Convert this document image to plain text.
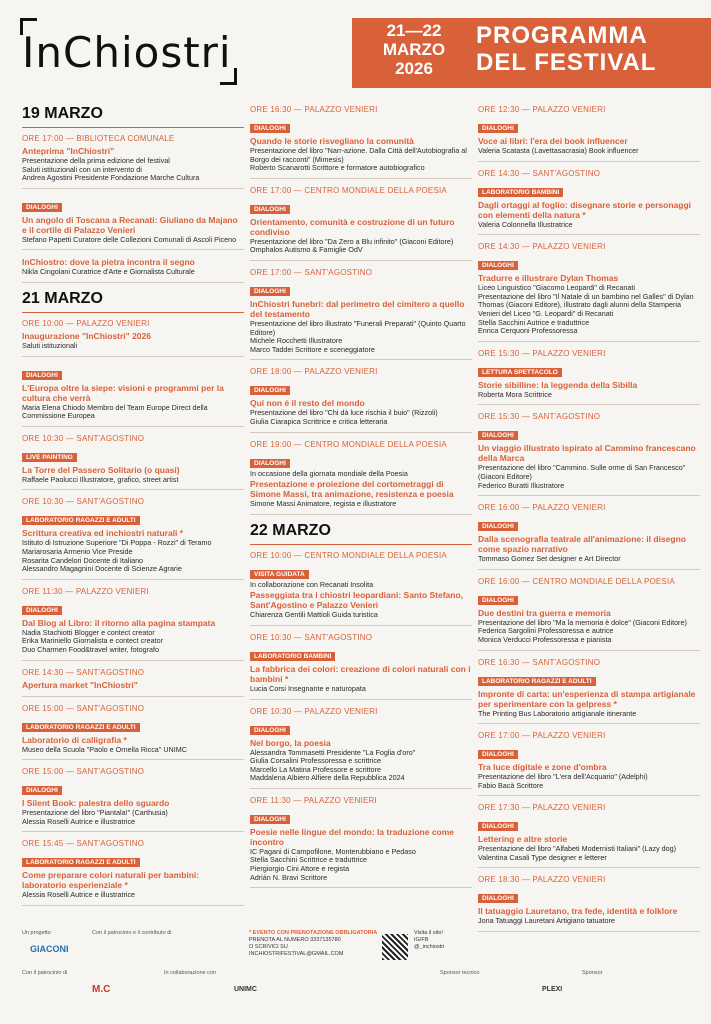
InChiostri	21—22
MARZO
2026
PROGRAMMA
DEL FESTIVAL
19 MARZO
ORE 17:00 — BIBLIOTECA COMUNALE
Anteprima "InChiostri"
Presentazione della prima edizione del festival
Saluti istituzionali con un intervento di
Andrea Agostini Presidente Fondazione Marche Cultura
DIALOGHI
Un angolo di Toscana a Recanati: Giuliano da Majano e il cortile di Palazzo Venieri
Stefano Papetti Curatore delle Collezioni Comunali di Ascoli Piceno
InChiostro: dove la pietra incontra il segno
Nikla Cingolani Curatrice d'Arte e Giornalista Culturale
21 MARZO
ORE 10:00 — PALAZZO VENIERI
Inaugurazione "InChiostri" 2026
Saluti istituzionali
DIALOGHI
L'Europa oltre la siepe: visioni e programmi per la cultura che verrà
Maria Elena Chiodo Membro del Team Europe Direct della Commissione Europea
ORE 10:30 — SANT'AGOSTINO
LIVE PAINTING
La Torre del Passero Solitario (o quasi)
Raffaele Paolucci Illustratore, grafico, street artist
ORE 10:30 — SANT'AGOSTINO
LABORATORIO RAGAZZI E ADULTI
Scrittura creativa ed inchiostri naturali *
Istituto di Istruzione Superiore "Di Poppa - Rozzi" di Teramo
Mariarosaria Armenio Vice Preside
Rosarita Candelori Docente di Italiano
Alessandro Magagnini Docente di Scienze Agrarie
ORE 11:30 — PALAZZO VENIERI
DIALOGHI
Dal Blog al Libro: il ritorno alla pagina stampata
Nadia Stachiotti Blogger e contect creator
Erika Mariniello Giornalista e contect creator
Duo Charmen Food&travel writer, fotografo
ORE 14:30 — SANT'AGOSTINO
Apertura market "InChiostri"
ORE 15:00 — SANT'AGOSTINO
LABORATORIO RAGAZZI E ADULTI
Laboratorio di calligrafia *
Museo della Scuola "Paolo e Ornella Ricca" UNIMC
ORE 15:00 — SANT'AGOSTINO
DIALOGHI
I Silent Book: palestra dello sguardo
Presentazione del libro "Piantala!" (Carthusia)
Alessia Roselli Autrice e illustratrice
ORE 15:45 — SANT'AGOSTINO
LABORATORIO RAGAZZI E ADULTI
Come preparare colori naturali per bambini: laboratorio esperienziale *
Alessia Roselli Autrice e illustratrice
ORE 16:30 — PALAZZO VENIERI
DIALOGHI
Quando le storie risvegliano la comunità
Presentazione del libro "Narr-azione. Dalla Città dell'Autobiografia al Borgo dei racconti" (Mimesis)
Roberto Scanarotti Scrittore e formatore autobiografico
ORE 17:00 — CENTRO MONDIALE DELLA POESIA
DIALOGHI
Orientamento, comunità e costruzione di un futuro condiviso
Presentazione del libro "Da Zero a Blu infinito" (Giaconi Editore)
Omphalos Autismo & Famiglie OdV
ORE 17:00 — SANT'AGOSTINO
DIALOGHI
InChiostri funebri: dal perimetro del cimitero a quello del testamento
Presentazione del libro illustrato "Funerali Preparati" (Quinto Quarto Editore)
Michele Rocchetti Illustratore
Marco Taddei Scrittore e sceneggiatore
ORE 18:00 — PALAZZO VENIERI
DIALOGHI
Qui non è il resto del mondo
Presentazione del libro "Chi dà luce rischia il buio" (Rizzoli)
Giulia Ciarapica Scrittrice e critica letteraria
ORE 19:00 — CENTRO MONDIALE DELLA POESIA
DIALOGHI
In occasione della giornata mondiale della Poesia
Presentazione e proiezione del cortometraggi di Simone Massi, tra animazione, resistenza e poesia
Simone Massi Animatore, regista e illustratore
22 MARZO
ORE 10:00 — CENTRO MONDIALE DELLA POESIA
VISITA GUIDATA
In collaborazione con Recanati Insolita
Passeggiata tra i chiostri leopardiani: Santo Stefano, Sant'Agostino e Palazzo Venieri
Chiarenza Gentili Mattioli Guida turistica
ORE 10:30 — SANT'AGOSTINO
LABORATORIO BAMBINI
La fabbrica dei colori: creazione di colori naturali con i bambini *
Lucia Corsi Insegnante e naturopata
ORE 10:30 — PALAZZO VENIERI
DIALOGHI
Nel borgo, la poesia
Alessandra Tommasetti Presidente "La Foglia d'oro"
Giulia Corsalini Professoressa e scrittrice
Marcello La Matina Professore e scrittore
Maddalena Albiero Alfiere della Repubblica 2024
ORE 11:30 — PALAZZO VENIERI
DIALOGHI
Poesie nelle lingue del mondo: la traduzione come incontro
IC Pagani di Campofilone, Monterubbiano e Pedaso
Stella Sacchini Scrittrice e traduttrice
Piergiorgio Cini Attore e regista
Adrián N. Bravi Scrittore
ORE 12:30 — PALAZZO VENIERI
DIALOGHI
Voce ai libri: l'era dei book influencer
Valeria Scatasta (Lavettasacrasia) Book influencer
ORE 14:30 — SANT'AGOSTINO
LABORATORIO BAMBINI
Dagli ortaggi al foglio: disegnare storie e personaggi con elementi della natura *
Valeria Colonnella Illustratrice
ORE 14:30 — PALAZZO VENIERI
DIALOGHI
Tradurre e illustrare Dylan Thomas
Liceo Linguistico "Giacomo Leopardi" di Recanati
Presentazione del libro "Il Natale di un bambino nel Galles" di Dylan Thomas (Giaconi Editore), illustrato dagli alunni della Stamperia Venieri del Liceo "G. Leopardi" di Recanati
Stella Sacchini Autrice e traduttrice
Enrica Cerquoni Professoressa
ORE 15:30 — PALAZZO VENIERI
LETTURA SPETTACOLO
Storie sibilline: la leggenda della Sibilla
Roberta Mora Scrittrice
ORE 15:30 — SANT'AGOSTINO
DIALOGHI
Un viaggio illustrato ispirato al Cammino francescano della Marca
Presentazione del libro "Cammino. Sulle orme di San Francesco" (Giaconi Editore)
Federico Buratti Illustratore
ORE 16:00 — PALAZZO VENIERI
DIALOGHI
Dalla scenografia teatrale all'animazione: il disegno come spazio narrativo
Tommaso Gomez Set designer e Art Director
ORE 16:00 — CENTRO MONDIALE DELLA POESIA
DIALOGHI
Due destini tra guerra e memoria
Presentazione del libro "Ma la memoria è dolce" (Giaconi Editore)
Federica Sargolini Professoressa e autrice
Monica Verducci Professoressa e pianista
ORE 16:30 — SANT'AGOSTINO
LABORATORIO RAGAZZI E ADULTI
Impronte di carta: un'esperienza di stampa artigianale per sperimentare con la gelpress *
The Printing Bus Laboratorio artigianale itinerante
ORE 17:00 — PALAZZO VENIERI
DIALOGHI
Tra luce digitale e zone d'ombra
Presentazione del libro "L'era dell'Acquario" (Adelphi)
Fabio Bacà Scrittore
ORE 17:30 — PALAZZO VENIERI
DIALOGHI
Lettering e altre storie
Presentazione del libro "Alfabeti Modernisti Italiani" (Lazy dog)
Valentina Casali Type designer e letterer
ORE 18:30 — PALAZZO VENIERI
DIALOGHI
Il tatuaggio Lauretano, tra fede, identità e folklore
Jona Tatuaggi Lauretani Artigiano tatuatore
Un progetto
GIACONI
Con il patrocinio e il contributo di	* EVENTO CON PRENOTAZIONE OBBLIGATORIA
PRENOTA AL NUMERO 3337135780
O SCRIVICI SU
INCHIOSTRIFESTIVAL@GMAIL.COM
Visita il sito!
IG/FB
@_inchiostri
Con il patrocinio di	In collaborazione con	Sponsor tecnico	Sponsor
M.C	UNIMC	PLEXI
